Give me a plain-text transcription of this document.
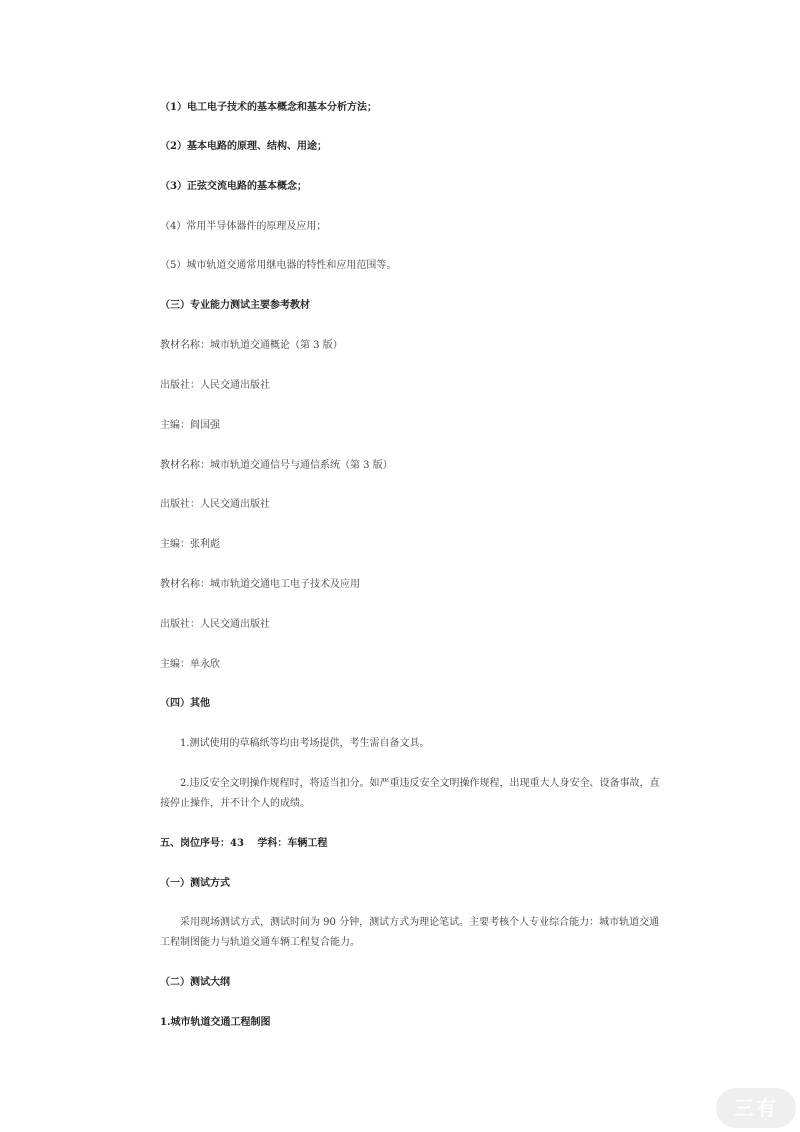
（1）电工电子技术的基本概念和基本分析方法；
（2）基本电路的原理、结构、用途；
（3）正弦交流电路的基本概念；
（4）常用半导体器件的原理及应用；
（5）城市轨道交通常用继电器的特性和应用范围等。
（三）专业能力测试主要参考教材
教材名称：城市轨道交通概论（第 3 版）
出版社：人民交通出版社
主编：阎国强
教材名称：城市轨道交通信号与通信系统（第 3 版）
出版社：人民交通出版社
主编：张利彪
教材名称：城市轨道交通电工电子技术及应用
出版社：人民交通出版社
主编：单永欣
（四）其他
1.测试使用的草稿纸等均由考场提供，考生需自备文具。
2.违反安全文明操作规程时，将适当扣分。如严重违反安全文明操作规程，出现重大人身安全、设备事故，直接停止操作，并不计个人的成绩。
五、岗位序号：43　 学科：车辆工程
（一）测试方式
采用现场测试方式，测试时间为 90 分钟，测试方式为理论笔试。主要考核个人专业综合能力：城市轨道交通工程制图能力与轨道交通车辆工程复合能力。
（二）测试大纲
1.城市轨道交通工程制图
三有
